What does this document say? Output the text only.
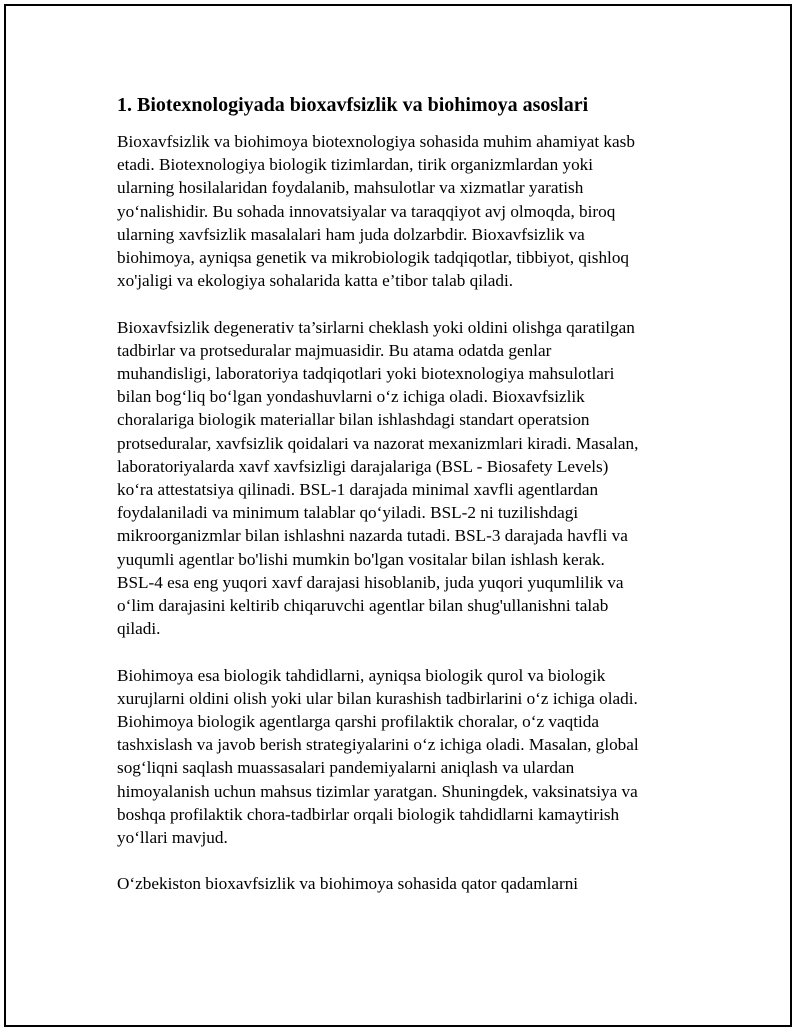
1. Biotexnologiyada bioxavfsizlik va biohimoya asoslari

Bioxavfsizlik va biohimoya biotexnologiya sohasida muhim ahamiyat kasb
etadi. Biotexnologiya biologik tizimlardan, tirik organizmlardan yoki
ularning hosilalaridan foydalanib, mahsulotlar va xizmatlar yaratish
yo‘nalishidir. Bu sohada innovatsiyalar va taraqqiyot avj olmoqda, biroq
ularning xavfsizlik masalalari ham juda dolzarbdir. Bioxavfsizlik va
biohimoya, ayniqsa genetik va mikrobiologik tadqiqotlar, tibbiyot, qishloq
xo'jaligi va ekologiya sohalarida katta e’tibor talab qiladi.

Bioxavfsizlik degenerativ ta’sirlarni cheklash yoki oldini olishga qaratilgan
tadbirlar va protseduralar majmuasidir. Bu atama odatda genlar
muhandisligi, laboratoriya tadqiqotlari yoki biotexnologiya mahsulotlari
bilan bog‘liq bo‘lgan yondashuvlarni o‘z ichiga oladi. Bioxavfsizlik
choralariga biologik materiallar bilan ishlashdagi standart operatsion
protseduralar, xavfsizlik qoidalari va nazorat mexanizmlari kiradi. Masalan,
laboratoriyalarda xavf xavfsizligi darajalariga (BSL - Biosafety Levels)
ko‘ra attestatsiya qilinadi. BSL-1 darajada minimal xavfli agentlardan
foydalaniladi va minimum talablar qo‘yiladi. BSL-2 ni tuzilishdagi
mikroorganizmlar bilan ishlashni nazarda tutadi. BSL-3 darajada havfli va
yuqumli agentlar bo'lishi mumkin bo'lgan vositalar bilan ishlash kerak.
BSL-4 esa eng yuqori xavf darajasi hisoblanib, juda yuqori yuqumlilik va
o‘lim darajasini keltirib chiqaruvchi agentlar bilan shug'ullanishni talab
qiladi.

Biohimoya esa biologik tahdidlarni, ayniqsa biologik qurol va biologik
xurujlarni oldini olish yoki ular bilan kurashish tadbirlarini o‘z ichiga oladi.
Biohimoya biologik agentlarga qarshi profilaktik choralar, o‘z vaqtida
tashxislash va javob berish strategiyalarini o‘z ichiga oladi. Masalan, global
sog‘liqni saqlash muassasalari pandemiyalarni aniqlash va ulardan
himoyalanish uchun mahsus tizimlar yaratgan. Shuningdek, vaksinatsiya va
boshqa profilaktik chora-tadbirlar orqali biologik tahdidlarni kamaytirish
yo‘llari mavjud.

O‘zbekiston bioxavfsizlik va biohimoya sohasida qator qadamlarni
